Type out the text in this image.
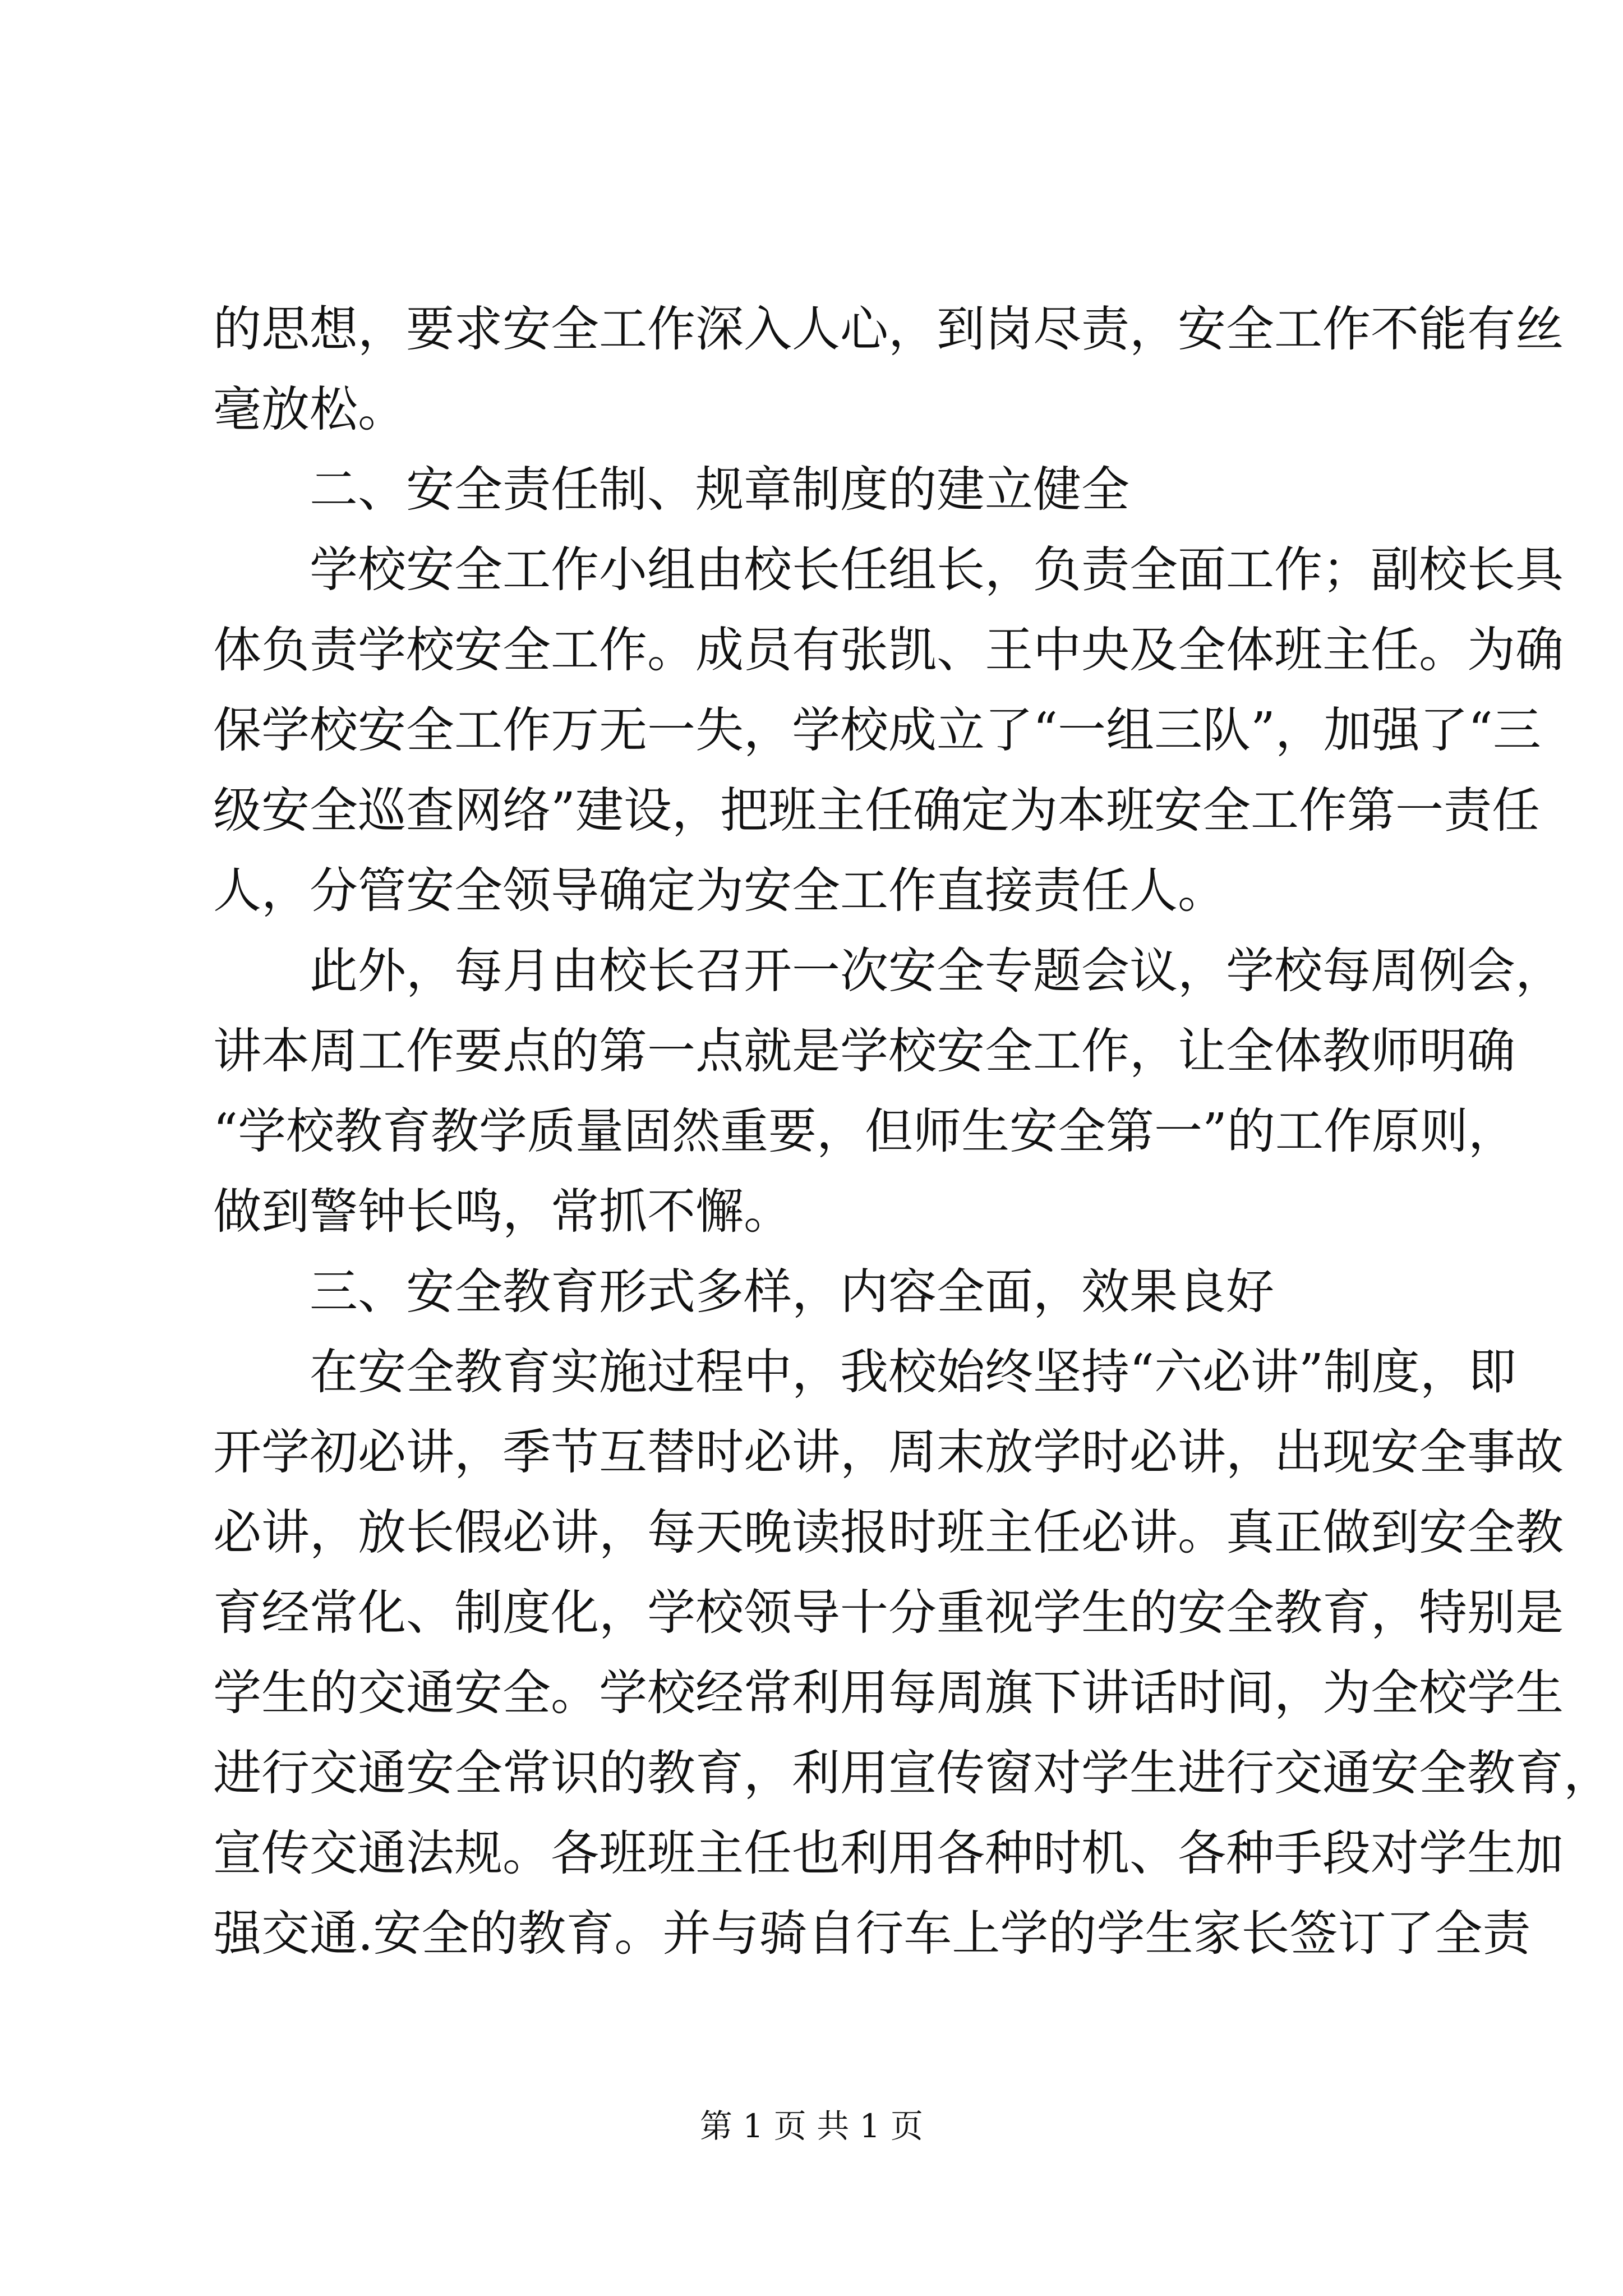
的思想，要求安全工作深入人心，到岗尽责，安全工作不能有丝
毫放松。
二、安全责任制、规章制度的建立健全
学校安全工作小组由校长任组长，负责全面工作；副校长具
体负责学校安全工作。成员有张凯、王中央及全体班主任。为确
保学校安全工作万无一失，学校成立了“一组三队”，加强了“三
级安全巡查网络”建设，把班主任确定为本班安全工作第一责任
人，分管安全领导确定为安全工作直接责任人。
此外，每月由校长召开一次安全专题会议，学校每周例会，
讲本周工作要点的第一点就是学校安全工作，让全体教师明确
“学校教育教学质量固然重要，但师生安全第一”的工作原则，
做到警钟长鸣，常抓不懈。
三、安全教育形式多样，内容全面，效果良好
在安全教育实施过程中，我校始终坚持“六必讲”制度，即
开学初必讲，季节互替时必讲，周末放学时必讲，出现安全事故
必讲，放长假必讲，每天晚读报时班主任必讲。真正做到安全教
育经常化、制度化，学校领导十分重视学生的安全教育，特别是
学生的交通安全。学校经常利用每周旗下讲话时间，为全校学生
进行交通安全常识的教育，利用宣传窗对学生进行交通安全教育，
宣传交通法规。各班班主任也利用各种时机、各种手段对学生加
强交通.安全的教育。并与骑自行车上学的学生家长签订了全责
第 1 页 共 1 页
